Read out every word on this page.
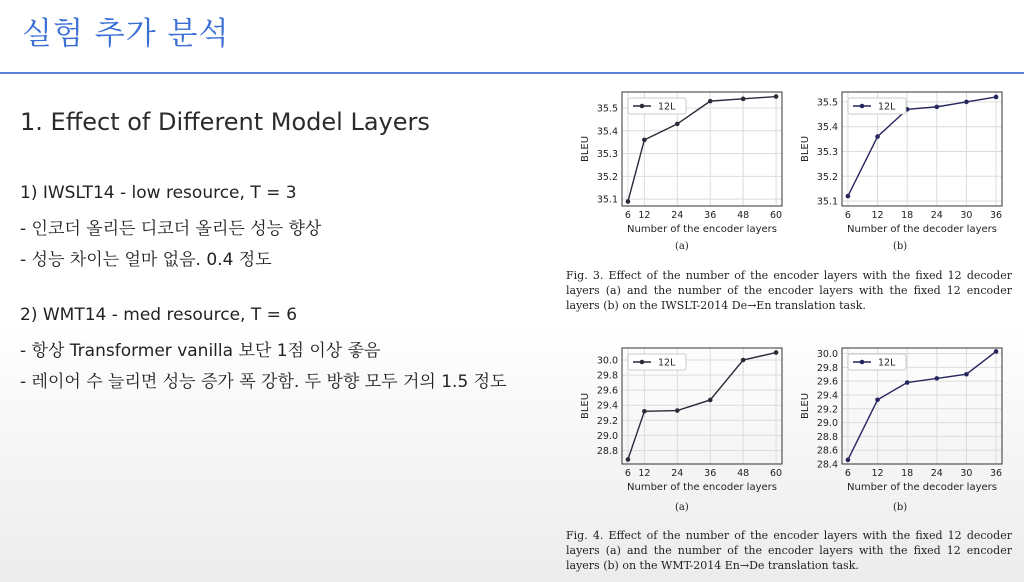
실험 추가 분석
1. Effect of Different Model Layers
1) IWSLT14 - low resource, T = 3
- 인코더 올리든 디코더 올리든 성능 향상
- 성능 차이는 얼마 없음. 0.4 정도
2) WMT14 - med resource, T = 6
- 항상 Transformer vanilla 보단 1점 이상 좋음
- 레이어 수 늘리면 성능 증가 폭 강함. 두 방향 모두 거의 1.5 정도
35.1
35.2
35.3
35.4
35.5
6 12 24 36 48 60
Number of the encoder layers
BLEU
12L
35.1
35.2
35.3
35.4
35.5
6 12 18 24 30 36
Number of the decoder layers
BLEU
12L
(a)	(b)
Fig. 3. Effect of the number of the encoder layers with the fixed 12 decoder layers (a) and the number of the encoder layers with the fixed 12 encoder layers (b) on the IWSLT-2014 De→En translation task.
28.8
29.0
29.2
29.4
29.6
29.8
30.0
6 12 24 36 48 60
Number of the encoder layers
BLEU
12L
28.4
28.6
28.8
29.0
29.2
29.4
29.6
29.8
30.0
6 12 18 24 30 36
Number of the decoder layers
BLEU
12L
(a)	(b)
Fig. 4. Effect of the number of the encoder layers with the fixed 12 decoder layers (a) and the number of the encoder layers with the fixed 12 encoder layers (b) on the WMT-2014 En→De translation task.
